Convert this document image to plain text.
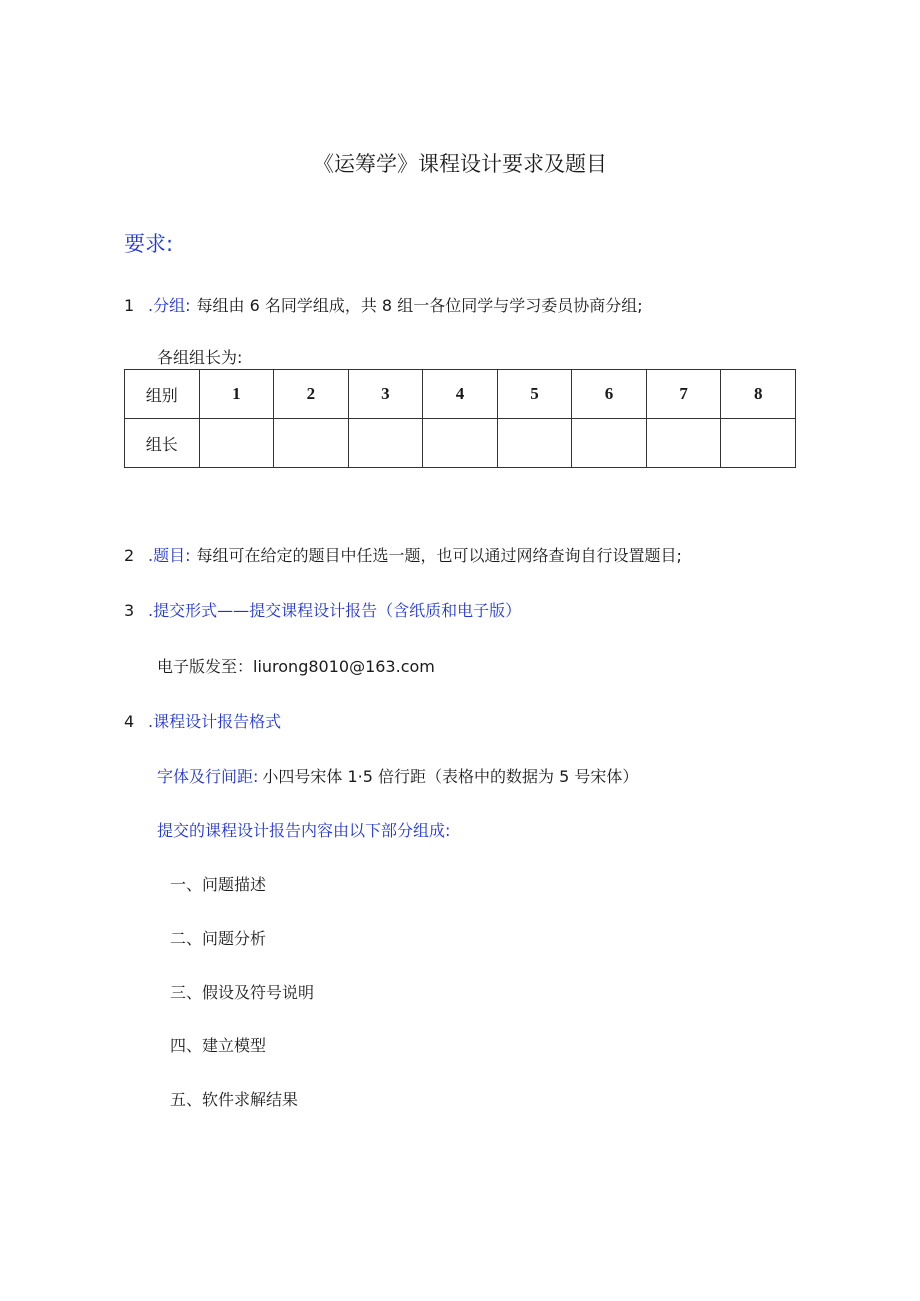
《运筹学》课程设计要求及题目
要求:
1 .分组: 每组由 6 名同学组成，共 8 组一各位同学与学习委员协商分组;
各组组长为:
组别	1	2	3	4	5	6	7	8
组长								
2 .题目: 每组可在给定的题目中任选一题，也可以通过网络查询自行设置题目;
3 .提交形式——提交课程设计报告（含纸质和电子版）
电子版发至：liurong8010@163.com
4 .课程设计报告格式
字体及行间距: 小四号宋体 1·5 倍行距（表格中的数据为 5 号宋体）
提交的课程设计报告内容由以下部分组成:
一、问题描述
二、问题分析
三、假设及符号说明
四、建立模型
五、软件求解结果
